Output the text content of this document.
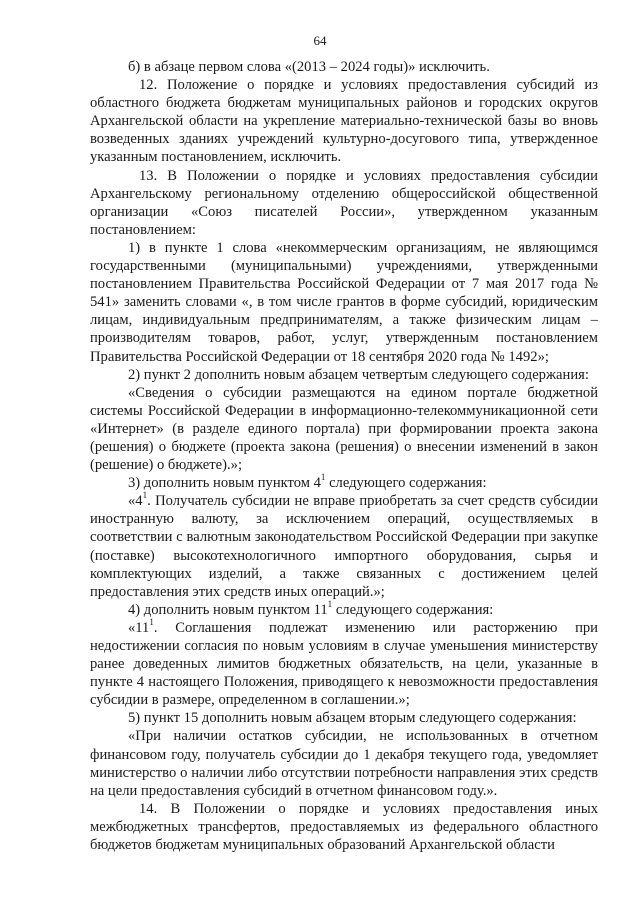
64

б) в абзаце первом слова «(2013 – 2024 годы)» исключить.

12. Положение о порядке и условиях предоставления субсидий из областного бюджета бюджетам муниципальных районов и городских округов Архангельской области на укрепление материально-технической базы во вновь возведенных зданиях учреждений культурно-досугового типа, утвержденное указанным постановлением, исключить.

13. В Положении о порядке и условиях предоставления субсидии Архангельскому региональному отделению общероссийской общественной организации «Союз писателей России», утвержденном указанным постановлением:

1) в пункте 1 слова «некоммерческим организациям, не являющимся государственными (муниципальными) учреждениями, утвержденными постановлением Правительства Российской Федерации от 7 мая 2017 года № 541» заменить словами «, в том числе грантов в форме субсидий, юридическим лицам, индивидуальным предпринимателям, а также физическим лицам – производителям товаров, работ, услуг, утвержденным постановлением Правительства Российской Федерации от 18 сентября 2020 года № 1492»;

2) пункт 2 дополнить новым абзацем четвертым следующего содержания:

«Сведения о субсидии размещаются на едином портале бюджетной системы Российской Федерации в информационно-телекоммуникационной сети «Интернет» (в разделе единого портала) при формировании проекта закона (решения) о бюджете (проекта закона (решения) о внесении изменений в закон (решение) о бюджете).»;

3) дополнить новым пунктом $4^1$ следующего содержания:

«$4^1$. Получатель субсидии не вправе приобретать за счет средств субсидии иностранную валюту, за исключением операций, осуществляемых в соответствии с валютным законодательством Российской Федерации при закупке (поставке) высокотехнологичного импортного оборудования, сырья и комплектующих изделий, а также связанных с достижением целей предоставления этих средств иных операций.»;

4) дополнить новым пунктом $11^1$ следующего содержания:

«$11^1$. Соглашения подлежат изменению или расторжению при недостижении согласия по новым условиям в случае уменьшения министерству ранее доведенных лимитов бюджетных обязательств, на цели, указанные в пункте 4 настоящего Положения, приводящего к невозможности предоставления субсидии в размере, определенном в соглашении.»;

5) пункт 15 дополнить новым абзацем вторым следующего содержания:

«При наличии остатков субсидии, не использованных в отчетном финансовом году, получатель субсидии до 1 декабря текущего года, уведомляет министерство о наличии либо отсутствии потребности направления этих средств на цели предоставления субсидий в отчетном финансовом году.».

14. В Положении о порядке и условиях предоставления иных межбюджетных трансфертов, предоставляемых из федерального областного бюджетов бюджетам муниципальных образований Архангельской области
